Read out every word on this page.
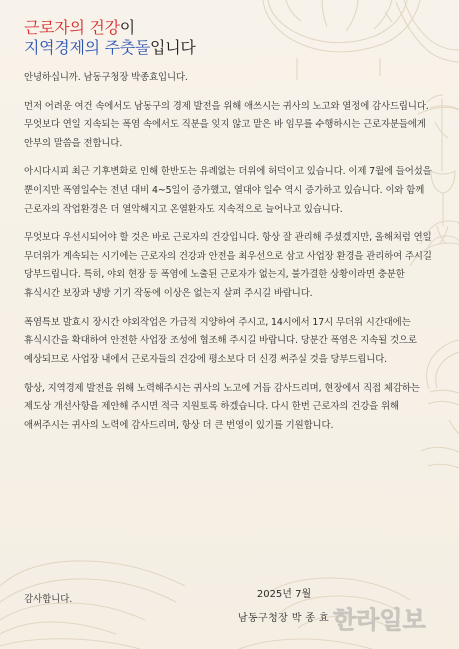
근로자의 건강이
지역경제의 주춧돌입니다

안녕하십니까. 남동구청장 박종효입니다.

먼저 어려운 여건 속에서도 남동구의 경제 발전을 위해 애쓰시는 귀사의 노고와 열정에 감사드립니다. 무엇보다 연일 지속되는 폭염 속에서도 직분을 잊지 않고 맡은 바 임무를 수행하시는 근로자분들에게 안부의 말씀을 전합니다.

아시다시피 최근 기후변화로 인해 한반도는 유례없는 더위에 허덕이고 있습니다. 이제 7월에 들어섰을 뿐이지만 폭염일수는 전년 대비 4~5일이 증가했고, 열대야 일수 역시 증가하고 있습니다. 이와 함께 근로자의 작업환경은 더 열악해지고 온열환자도 지속적으로 늘어나고 있습니다.

무엇보다 우선시되어야 할 것은 바로 근로자의 건강입니다. 항상 잘 관리해 주셨겠지만, 올해처럼 연일 무더위가 계속되는 시기에는 근로자의 건강과 안전을 최우선으로 삼고 사업장 환경을 관리하여 주시길 당부드립니다. 특히, 야외 현장 등 폭염에 노출된 근로자가 없는지, 불가결한 상황이라면 충분한 휴식시간 보장과 냉방 기기 작동에 이상은 없는지 살펴 주시길 바랍니다.

폭염특보 발효시 장시간 야외작업은 가급적 지양하여 주시고, 14시에서 17시 무더위 시간대에는 휴식시간을 확대하여 안전한 사업장 조성에 협조해 주시길 바랍니다. 당분간 폭염은 지속될 것으로 예상되므로 사업장 내에서 근로자들의 건강에 평소보다 더 신경 써주실 것을 당부드립니다.

항상, 지역경제 발전을 위해 노력해주시는 귀사의 노고에 거듭 감사드리며, 현장에서 직접 체감하는 제도상 개선사항을 제안해 주시면 적극 지원토록 하겠습니다. 다시 한번 근로자의 건강을 위해 애써주시는 귀사의 노력에 감사드리며, 항상 더 큰 번영이 있기를 기원합니다.

감사합니다.	2025년 7월
남동구청장 박 종 효 한라일보
